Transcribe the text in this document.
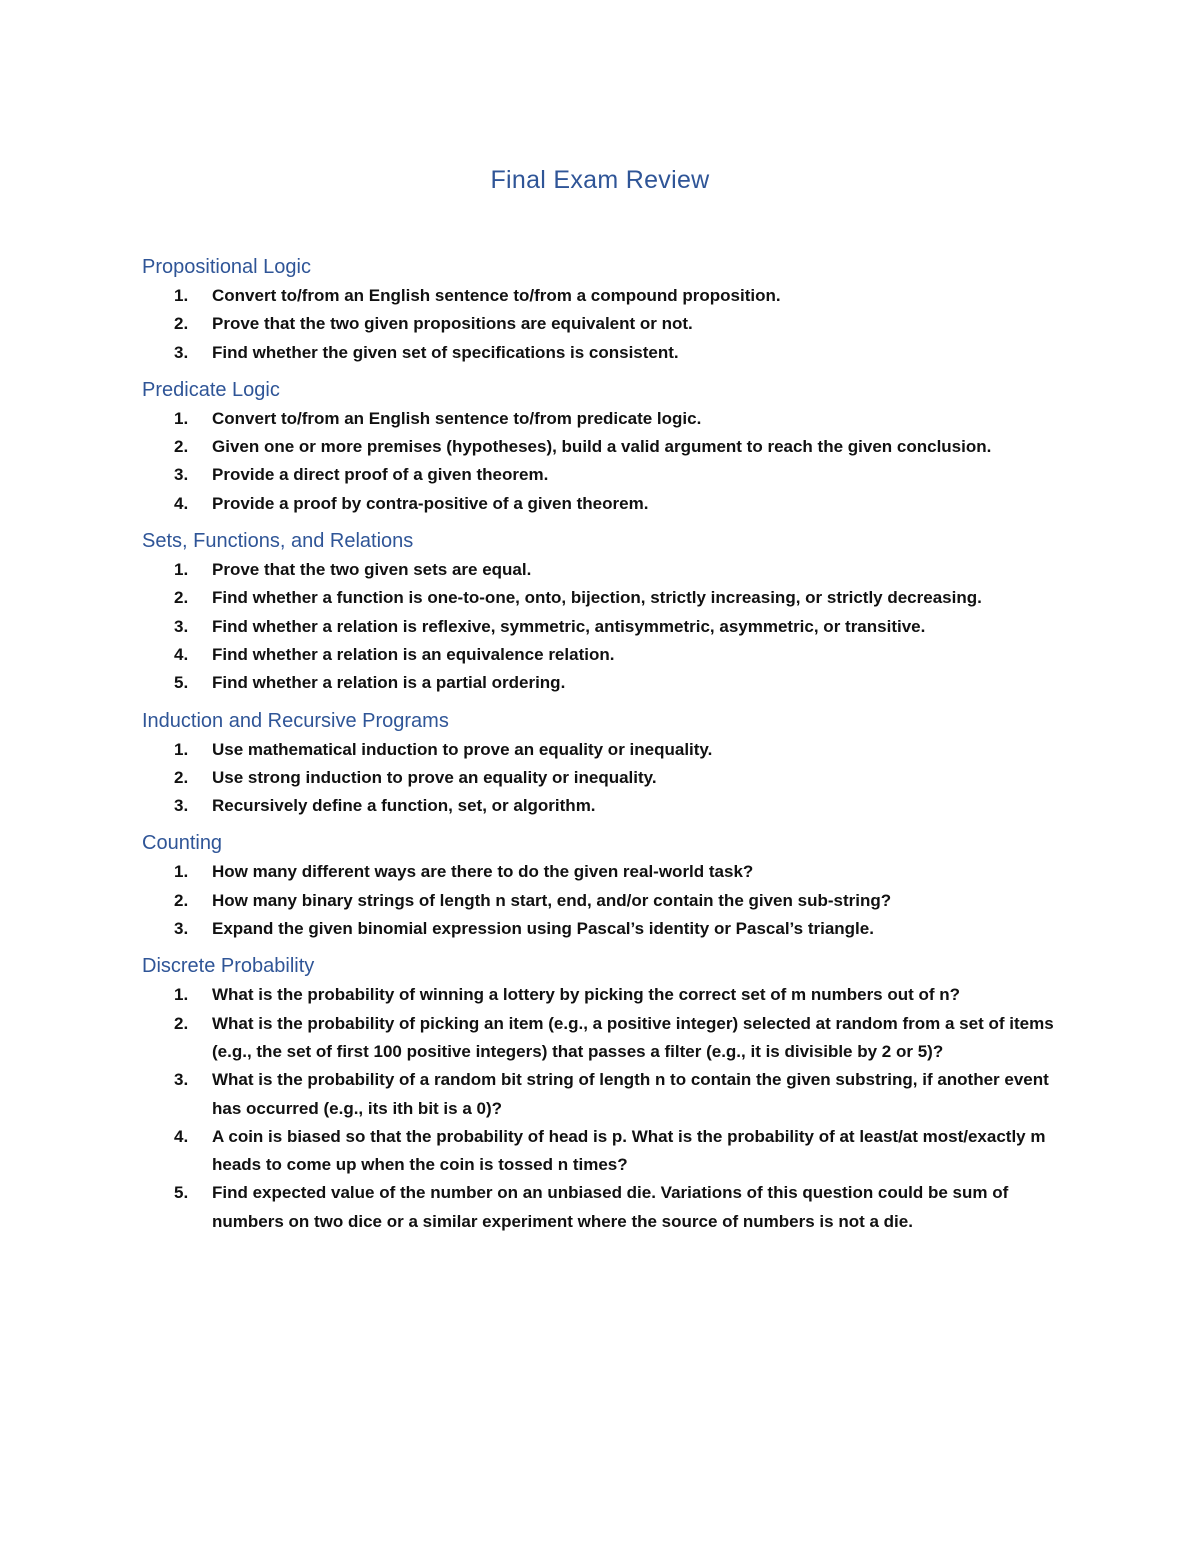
Final Exam Review
Propositional Logic
1. Convert to/from an English sentence to/from a compound proposition.
2. Prove that the two given propositions are equivalent or not.
3. Find whether the given set of specifications is consistent.
Predicate Logic
1. Convert to/from an English sentence to/from predicate logic.
2. Given one or more premises (hypotheses), build a valid argument to reach the given conclusion.
3. Provide a direct proof of a given theorem.
4. Provide a proof by contra-positive of a given theorem.
Sets, Functions, and Relations
1. Prove that the two given sets are equal.
2. Find whether a function is one-to-one, onto, bijection, strictly increasing, or strictly decreasing.
3. Find whether a relation is reflexive, symmetric, antisymmetric, asymmetric, or transitive.
4. Find whether a relation is an equivalence relation.
5. Find whether a relation is a partial ordering.
Induction and Recursive Programs
1. Use mathematical induction to prove an equality or inequality.
2. Use strong induction to prove an equality or inequality.
3. Recursively define a function, set, or algorithm.
Counting
1. How many different ways are there to do the given real-world task?
2. How many binary strings of length n start, end, and/or contain the given sub-string?
3. Expand the given binomial expression using Pascal’s identity or Pascal’s triangle.
Discrete Probability
1. What is the probability of winning a lottery by picking the correct set of m numbers out of n?
2. What is the probability of picking an item (e.g., a positive integer) selected at random from a set of items (e.g., the set of first 100 positive integers) that passes a filter (e.g., it is divisible by 2 or 5)?
3. What is the probability of a random bit string of length n to contain the given substring, if another event has occurred (e.g., its ith bit is a 0)?
4. A coin is biased so that the probability of head is p. What is the probability of at least/at most/exactly m heads to come up when the coin is tossed n times?
5. Find expected value of the number on an unbiased die. Variations of this question could be sum of numbers on two dice or a similar experiment where the source of numbers is not a die.
